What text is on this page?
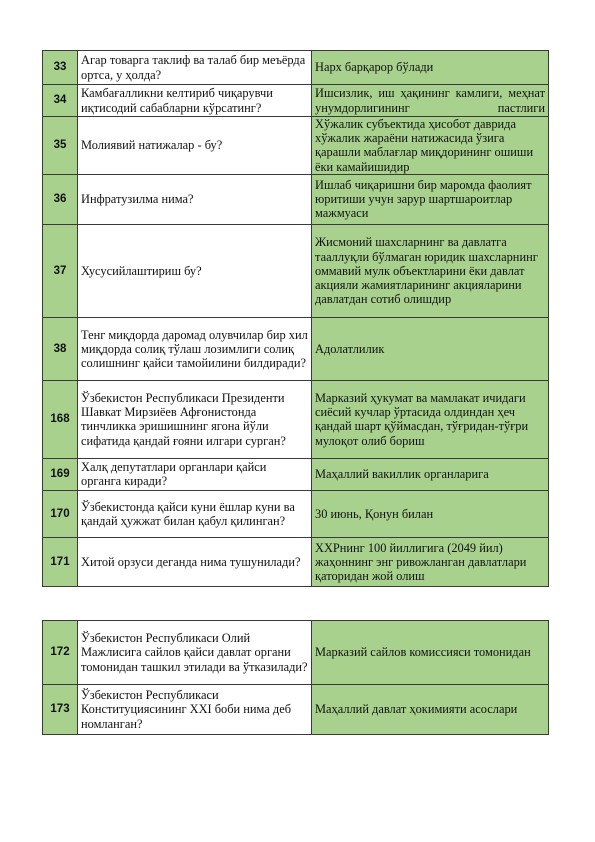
33	Агар товарга таклиф ва талаб бир меъёрда ортса, у ҳолда?	Нарх барқарор бўлади
34	Камбағалликни келтириб чиқарувчи иқтисодий сабабларни кўрсатинг?	Ишсизлик, иш ҳақининг камлиги, меҳнат унумдорлигининг пастлиги
35	Молиявий натижалар - бу?	Хўжалик субъектида ҳисобот даврида хўжалик жараёни натижасида ўзига қарашли маблағлар миқдорининг ошиши ёки камайишидир
36	Инфратузилма нима?	Ишлаб чиқаришни бир маромда фаолият юритиши учун зарур шартшароитлар мажмуаси
37	Хусусийлаштириш бу?	Жисмоний шахсларнинг ва давлатга тааллуқли бўлмаган юридик шахсларнинг оммавий мулк объектларини ёки давлат акцияли жамиятларининг акцияларини давлатдан сотиб олишдир
38	Тенг миқдорда даромад олувчилар бир хил миқдорда солиқ тўлаш лозимлиги солиқ солишнинг қайси тамойилини билдиради?	Адолатлилик
168	Ўзбекистон Республикаси Президенти Шавкат Мирзиёев Афғонистонда тинчликка эришишнинг ягона йўли сифатида қандай ғояни илгари сурган?	Марказий ҳукумат ва мамлакат ичидаги сиёсий кучлар ўртасида олдиндан ҳеч қандай шарт қўймасдан, тўғридан-тўғри мулоқот олиб бориш
169	Халқ депутатлари органлари қайси органга киради?	Маҳаллий вакиллик органларига
170	Ўзбекистонда қайси куни ёшлар куни ва қандай ҳужжат билан қабул қилинган?	30 июнь, Қонун билан
171	Хитой орзуси деганда нима тушунилади?	ХХРнинг 100 йиллигига (2049 йил) жаҳоннинг энг ривожланган давлатлари қаторидан жой олиш
172	Ўзбекистон Республикаси Олий Мажлисига сайлов қайси давлат органи томонидан ташкил этилади ва ўтказилади?	Марказий сайлов комиссияси томонидан
173	Ўзбекистон Республикаси Конституциясининг XXI боби нима деб номланган?	Маҳаллий давлат ҳокимияти асослари
